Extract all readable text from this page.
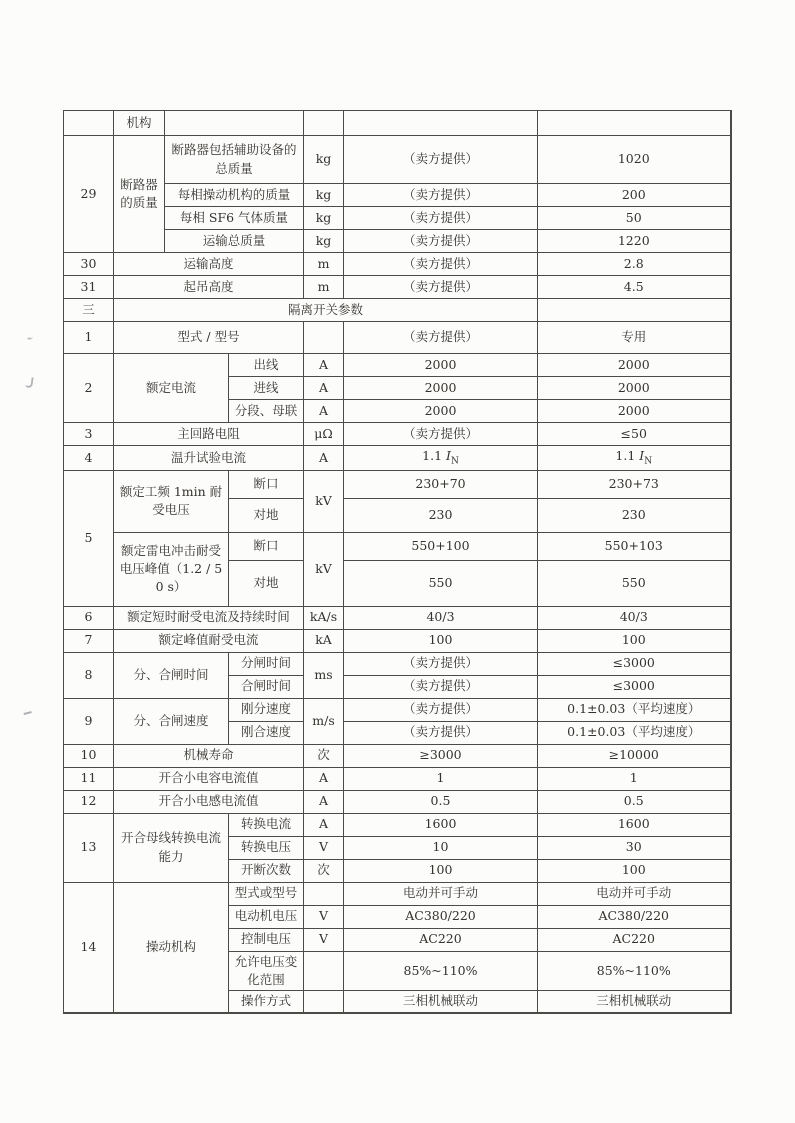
	机构					
29	断路器的质量	断路器包括辅助设备的总质量		kg	（卖方提供）	1020
		每相操动机构的质量		kg	（卖方提供）	200
		每相 SF6 气体质量		kg	（卖方提供）	50
		运输总质量		kg	（卖方提供）	1220
30	运输高度			m	（卖方提供）	2.8
31	起吊高度			m	（卖方提供）	4.5
三	隔离开关参数					
1	型式 / 型号				（卖方提供）	专用
2	额定电流		出线	A	2000	2000
			进线	A	2000	2000
			分段、母联	A	2000	2000
3	主回路电阻			μΩ	（卖方提供）	≤50
4	温升试验电流			A	1.1 $I_N$	1.1 $I_N$
5	额定工频 1min 耐受电压		断口	kV	230+70	230+73
			对地		230	230
	额定雷电冲击耐受电压峰值（1.2 / 50 s）		断口	kV	550+100	550+103
			对地		550	550
6	额定短时耐受电流及持续时间			kA/s	40/3	40/3
7	额定峰值耐受电流			kA	100	100
8	分、合闸时间		分闸时间	ms	（卖方提供）	≤3000
			合闸时间		（卖方提供）	≤3000
9	分、合闸速度		刚分速度	m/s	（卖方提供）	0.1±0.03（平均速度）
			刚合速度		（卖方提供）	0.1±0.03（平均速度）
10	机械寿命			次	≥3000	≥10000
11	开合小电容电流值			A	1	1
12	开合小电感电流值			A	0.5	0.5
13	开合母线转换电流能力		转换电流	A	1600	1600
			转换电压	V	10	30
			开断次数	次	100	100
14	操动机构		型式或型号		电动并可手动	电动并可手动
			电动机电压	V	AC380/220	AC380/220
			控制电压	V	AC220	AC220
			允许电压变化范围		85%~110%	85%~110%
			操作方式		三相机械联动	三相机械联动
